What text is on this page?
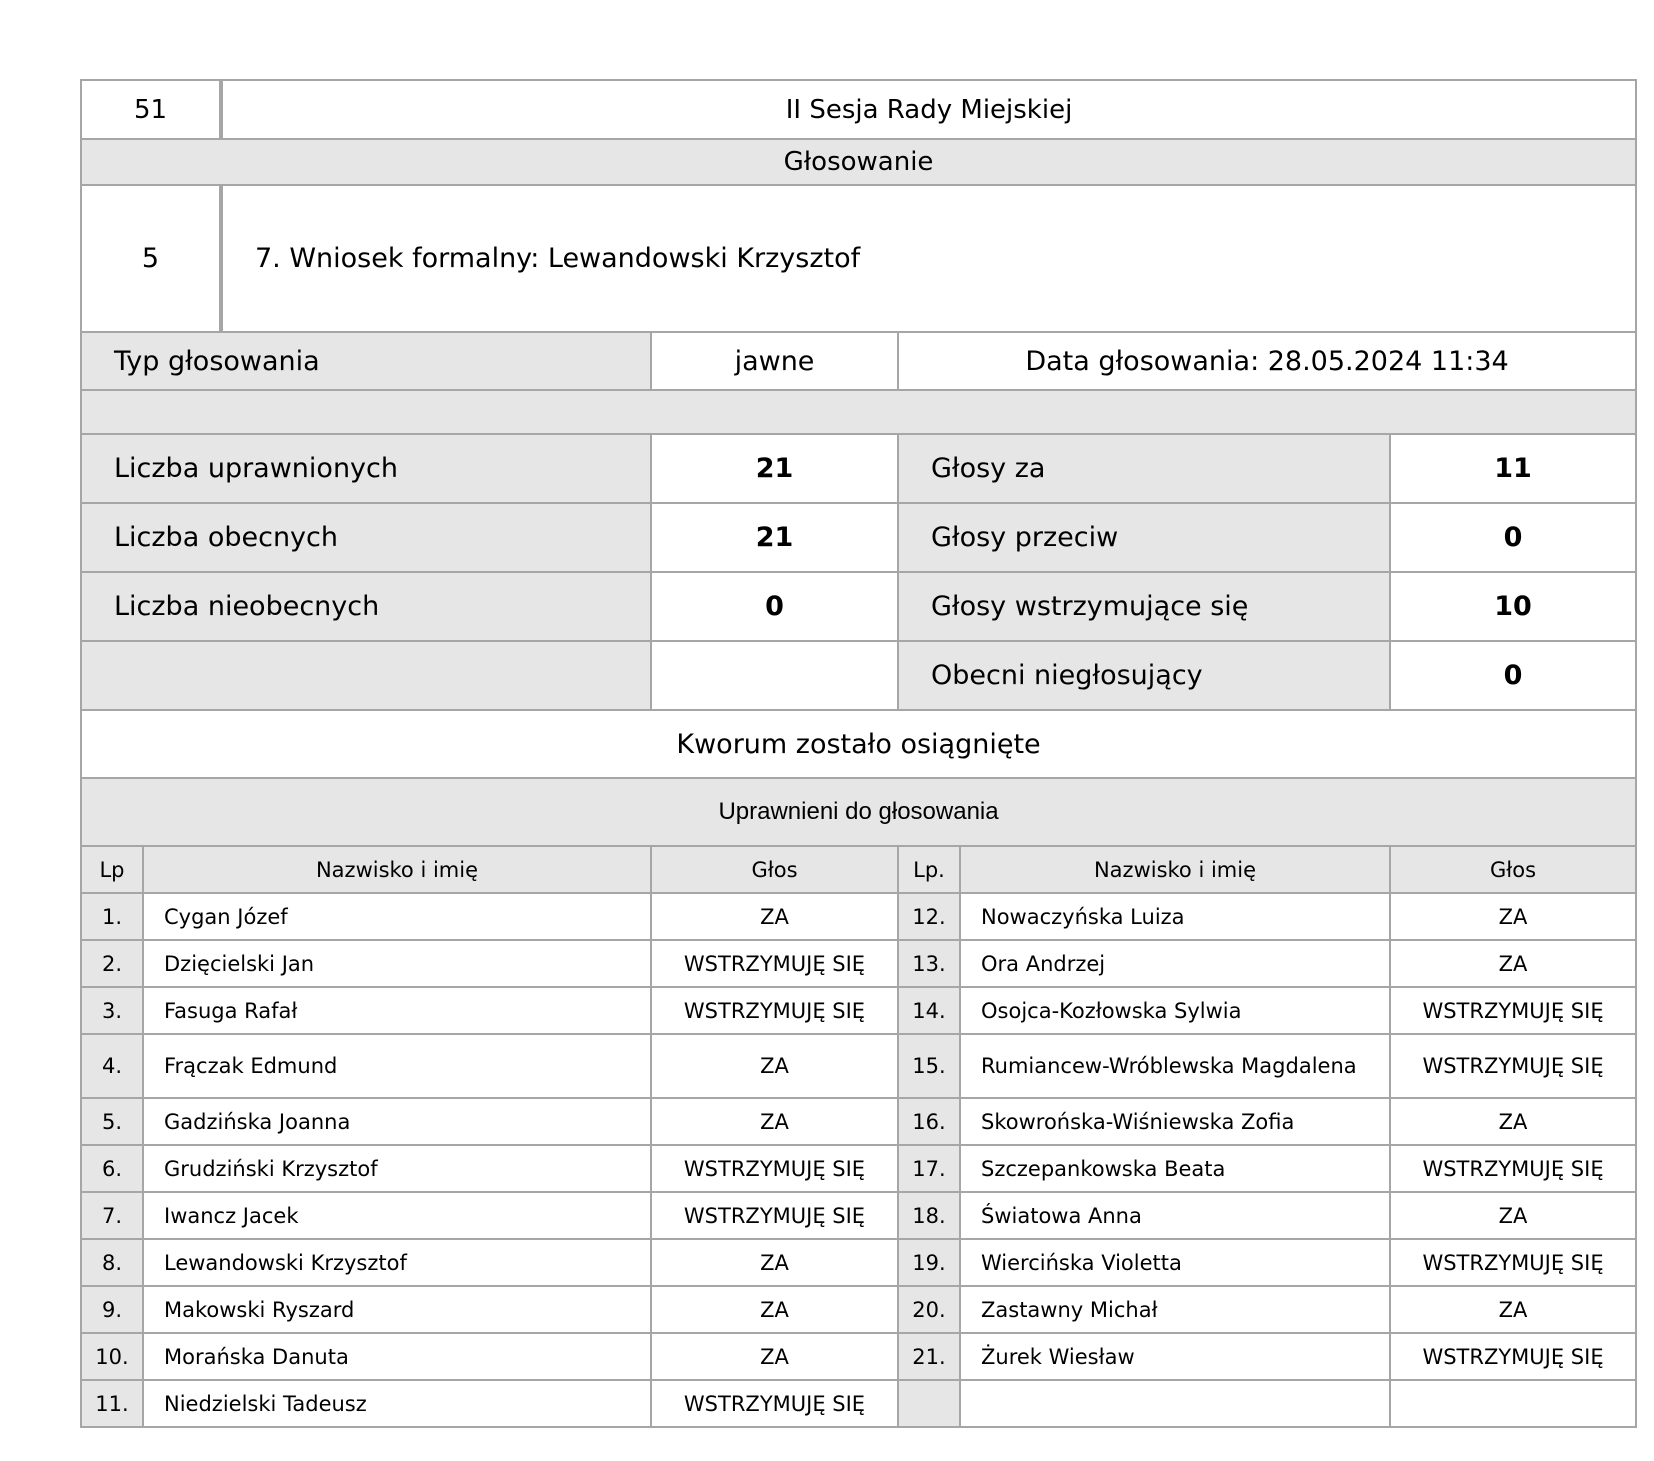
51		II Sesja Rady Miejskiej				
Głosowanie						
5		7. Wniosek formalny: Lewandowski Krzysztof				
Typ głosowania			jawne	Data głosowania: 28.05.2024 11:34		

Liczba uprawnionych			21	Głosy za		11
Liczba obecnych			21	Głosy przeciw		0
Liczba nieobecnych			0	Głosy wstrzymujące się		10
				Obecni niegłosujący		0
Kworum zostało osiągnięte						
Uprawnieni do głosowania						
Lp	Nazwisko i imię		Głos	Lp.	Nazwisko i imię	Głos
1.	Cygan Józef		ZA	12.	Nowaczyńska Luiza	ZA
2.	Dzięcielski Jan		WSTRZYMUJĘ SIĘ	13.	Ora Andrzej	ZA
3.	Fasuga Rafał		WSTRZYMUJĘ SIĘ	14.	Osojca-Kozłowska Sylwia	WSTRZYMUJĘ SIĘ
4.	Frączak Edmund		ZA	15.	Rumiancew-Wróblewska Magdalena	WSTRZYMUJĘ SIĘ
5.	Gadzińska Joanna		ZA	16.	Skowrońska-Wiśniewska Zofia	ZA
6.	Grudziński Krzysztof		WSTRZYMUJĘ SIĘ	17.	Szczepankowska Beata	WSTRZYMUJĘ SIĘ
7.	Iwancz Jacek		WSTRZYMUJĘ SIĘ	18.	Światowa Anna	ZA
8.	Lewandowski Krzysztof		ZA	19.	Wiercińska Violetta	WSTRZYMUJĘ SIĘ
9.	Makowski Ryszard		ZA	20.	Zastawny Michał	ZA
10.	Morańska Danuta		ZA	21.	Żurek Wiesław	WSTRZYMUJĘ SIĘ
11.	Niedzielski Tadeusz		WSTRZYMUJĘ SIĘ			
